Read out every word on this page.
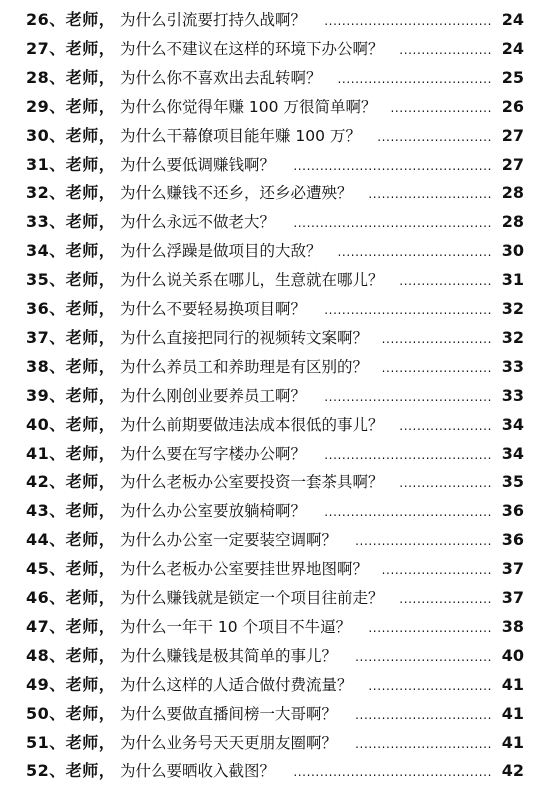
26、老师， 为什么引流要打持久战啊？	...................................... 24
27、老师， 为什么不建议在这样的环境下办公啊？	..................... 24
28、老师， 为什么你不喜欢出去乱转啊？	................................... 25
29、老师， 为什么你觉得年赚 100 万很简单啊？	....................... 26
30、老师， 为什么干幕僚项目能年赚 100 万？	.......................... 27
31、老师， 为什么要低调赚钱啊？	............................................. 27
32、老师， 为什么赚钱不还乡，还乡必遭殃？	............................ 28
33、老师， 为什么永远不做老大？	............................................. 28
34、老师， 为什么浮躁是做项目的大敌？	................................... 30
35、老师， 为什么说关系在哪儿，生意就在哪儿？	..................... 31
36、老师， 为什么不要轻易换项目啊？	...................................... 32
37、老师， 为什么直接把同行的视频转文案啊？	......................... 32
38、老师， 为什么养员工和养助理是有区别的？	......................... 33
39、老师， 为什么刚创业要养员工啊？	...................................... 33
40、老师， 为什么前期要做违法成本很低的事儿？	..................... 34
41、老师， 为什么要在写字楼办公啊？	...................................... 34
42、老师， 为什么老板办公室要投资一套茶具啊？	..................... 35
43、老师， 为什么办公室要放躺椅啊？	...................................... 36
44、老师， 为什么办公室一定要装空调啊？	............................... 36
45、老师， 为什么老板办公室要挂世界地图啊？	......................... 37
46、老师， 为什么赚钱就是锁定一个项目往前走？	..................... 37
47、老师， 为什么一年干 10 个项目不牛逼？	............................ 38
48、老师， 为什么赚钱是极其简单的事儿？	............................... 40
49、老师， 为什么这样的人适合做付费流量？	............................ 41
50、老师， 为什么要做直播间榜一大哥啊？	............................... 41
51、老师， 为什么业务号天天更朋友圈啊？	............................... 41
52、老师， 为什么要晒收入截图？	............................................. 42
